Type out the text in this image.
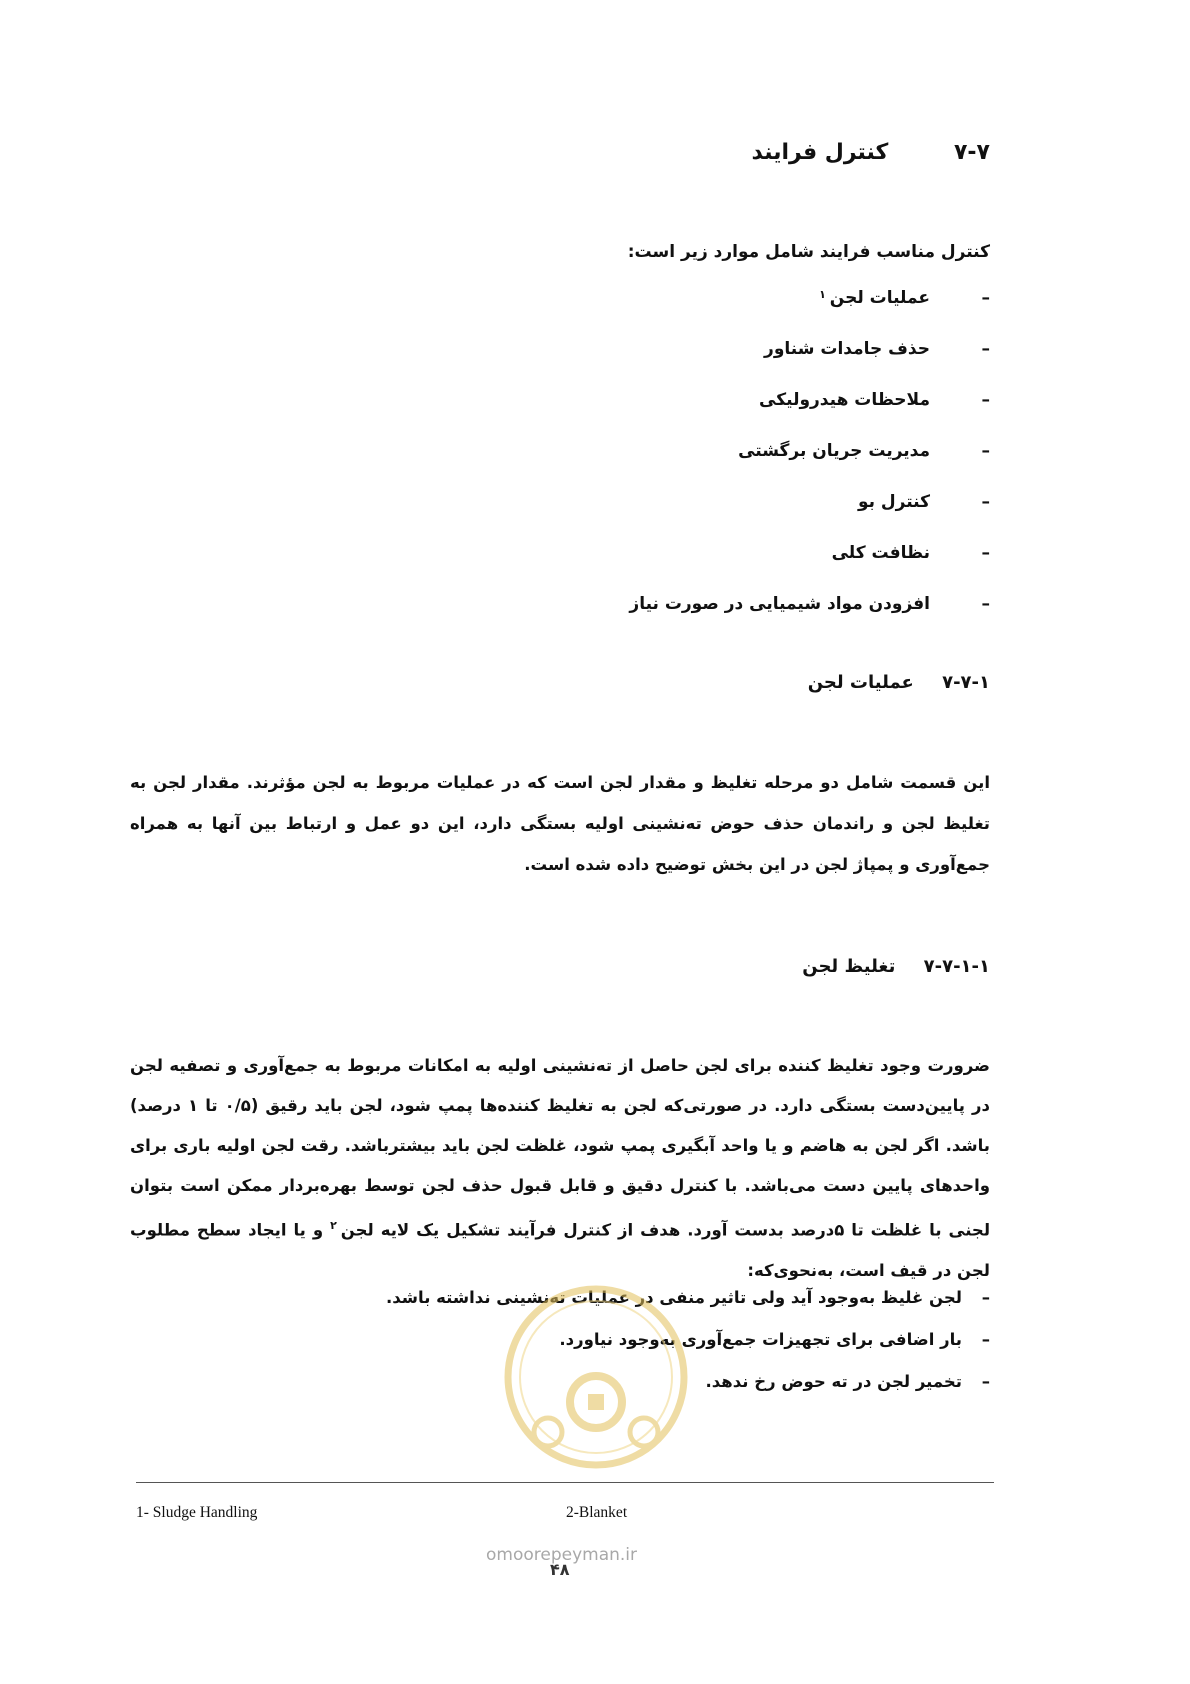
۷-۷ کنترل فرایند
کنترل مناسب فرایند شامل موارد زیر است:
–
عملیات لجن
۱
–
حذف جامدات شناور
–
ملاحظات هیدرولیکی
–
مدیریت جریان برگشتی
–
کنترل بو
–
نظافت کلی
–
افزودن مواد شیمیایی در صورت نیاز
۷-۷-۱ عملیات لجن

این قسمت شامل دو مرحله تغلیظ و مقدار لجن است که در عملیات مربوط به لجن مؤثرند. مقدار لجن به تغلیظ لجن و راندمان حذف حوض تەنشینی اولیه بستگی دارد، این دو عمل و ارتباط بین آنها به همراه جمع‌آوری و پمپاژ لجن در این بخش توضیح داده شده است.

۷-۷-۱-۱ تغلیظ لجن

ضرورت وجود تغلیظ کننده برای لجن حاصل از تەنشینی اولیه به امکانات مربوط به جمع‌آوری و تصفیه لجن در پایین‌دست بستگی دارد. در صورتی‌که لجن به تغلیظ کننده‌ها پمپ شود، لجن باید رقیق (۰/۵ تا ۱ درصد) باشد. اگر لجن به هاضم و یا واحد آبگیری پمپ شود، غلظت لجن باید بیشترباشد. رقت لجن اولیه باری برای واحدهای پایین دست می‌باشد. با کنترل دقیق و قابل قبول حذف لجن توسط بهره‌بردار ممکن است بتوان لجنی با غلظت تا ۵درصد بدست آورد. هدف از کنترل فرآیند تشکیل یک لایه لجن$^۲$ و یا ایجاد سطح مطلوب لجن در قیف است، به‌نحوی‌که:

–
لجن غلیظ به‌وجود آید ولی تاثیر منفی در عملیات تەنشینی نداشته باشد.
–
بار اضافی برای تجهیزات جمع‌آوری به‌وجود نیاورد.
–
تخمیر لجن در ته حوض رخ ندهد.
1- Sludge Handling	2-Blanket
omoorepeyman.ir
۴۸
